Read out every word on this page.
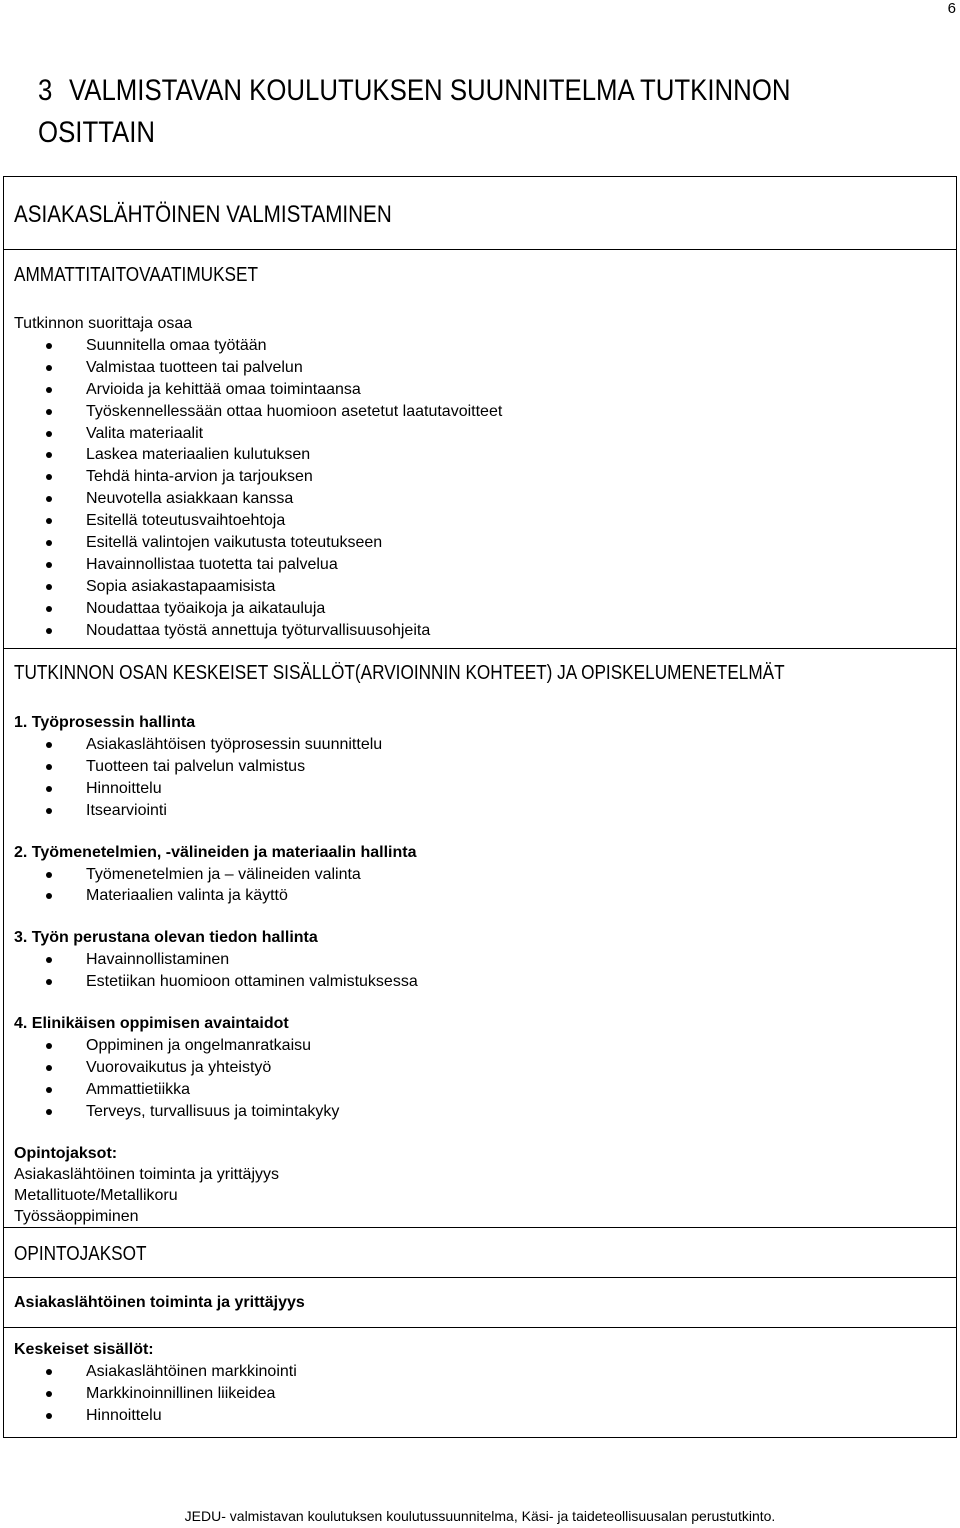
6
3 VALMISTAVAN KOULUTUKSEN SUUNNITELMA TUTKINNON OSITTAIN
ASIAKASLÄHTÖINEN VALMISTAMINEN
AMMATTITAITOVAATIMUKSET
Tutkinnon suorittaja osaa
Suunnitella omaa työtään
Valmistaa tuotteen tai palvelun
Arvioida ja kehittää omaa toimintaansa
Työskennellessään ottaa huomioon asetetut laatutavoitteet
Valita materiaalit
Laskea materiaalien kulutuksen
Tehdä hinta-arvion ja tarjouksen
Neuvotella asiakkaan kanssa
Esitellä toteutusvaihtoehtoja
Esitellä valintojen vaikutusta toteutukseen
Havainnollistaa tuotetta tai palvelua
Sopia asiakastapaamisista
Noudattaa työaikoja ja aikatauluja
Noudattaa työstä annettuja työturvallisuusohjeita
TUTKINNON OSAN KESKEISET SISÄLLÖT(ARVIOINNIN KOHTEET) JA OPISKELUMENETELMÄT
1. Työprosessin hallinta
Asiakaslähtöisen työprosessin suunnittelu
Tuotteen tai palvelun valmistus
Hinnoittelu
Itsearviointi
2. Työmenetelmien, -välineiden ja materiaalin hallinta
Työmenetelmien ja – välineiden valinta
Materiaalien valinta ja käyttö
3. Työn perustana olevan tiedon hallinta
Havainnollistaminen
Estetiikan huomioon ottaminen valmistuksessa
4. Elinikäisen oppimisen avaintaidot
Oppiminen ja ongelmanratkaisu
Vuorovaikutus ja yhteistyö
Ammattietiikka
Terveys, turvallisuus ja toimintakyky
Opintojaksot:
Asiakaslähtöinen toiminta ja yrittäjyys
Metallituote/Metallikoru
Työssäoppiminen
OPINTOJAKSOT
Asiakaslähtöinen toiminta ja yrittäjyys
Keskeiset sisällöt:
Asiakaslähtöinen markkinointi
Markkinoinnillinen liikeidea
Hinnoittelu
JEDU- valmistavan koulutuksen koulutussuunnitelma, Käsi- ja taideteollisuusalan perustutkinto.
